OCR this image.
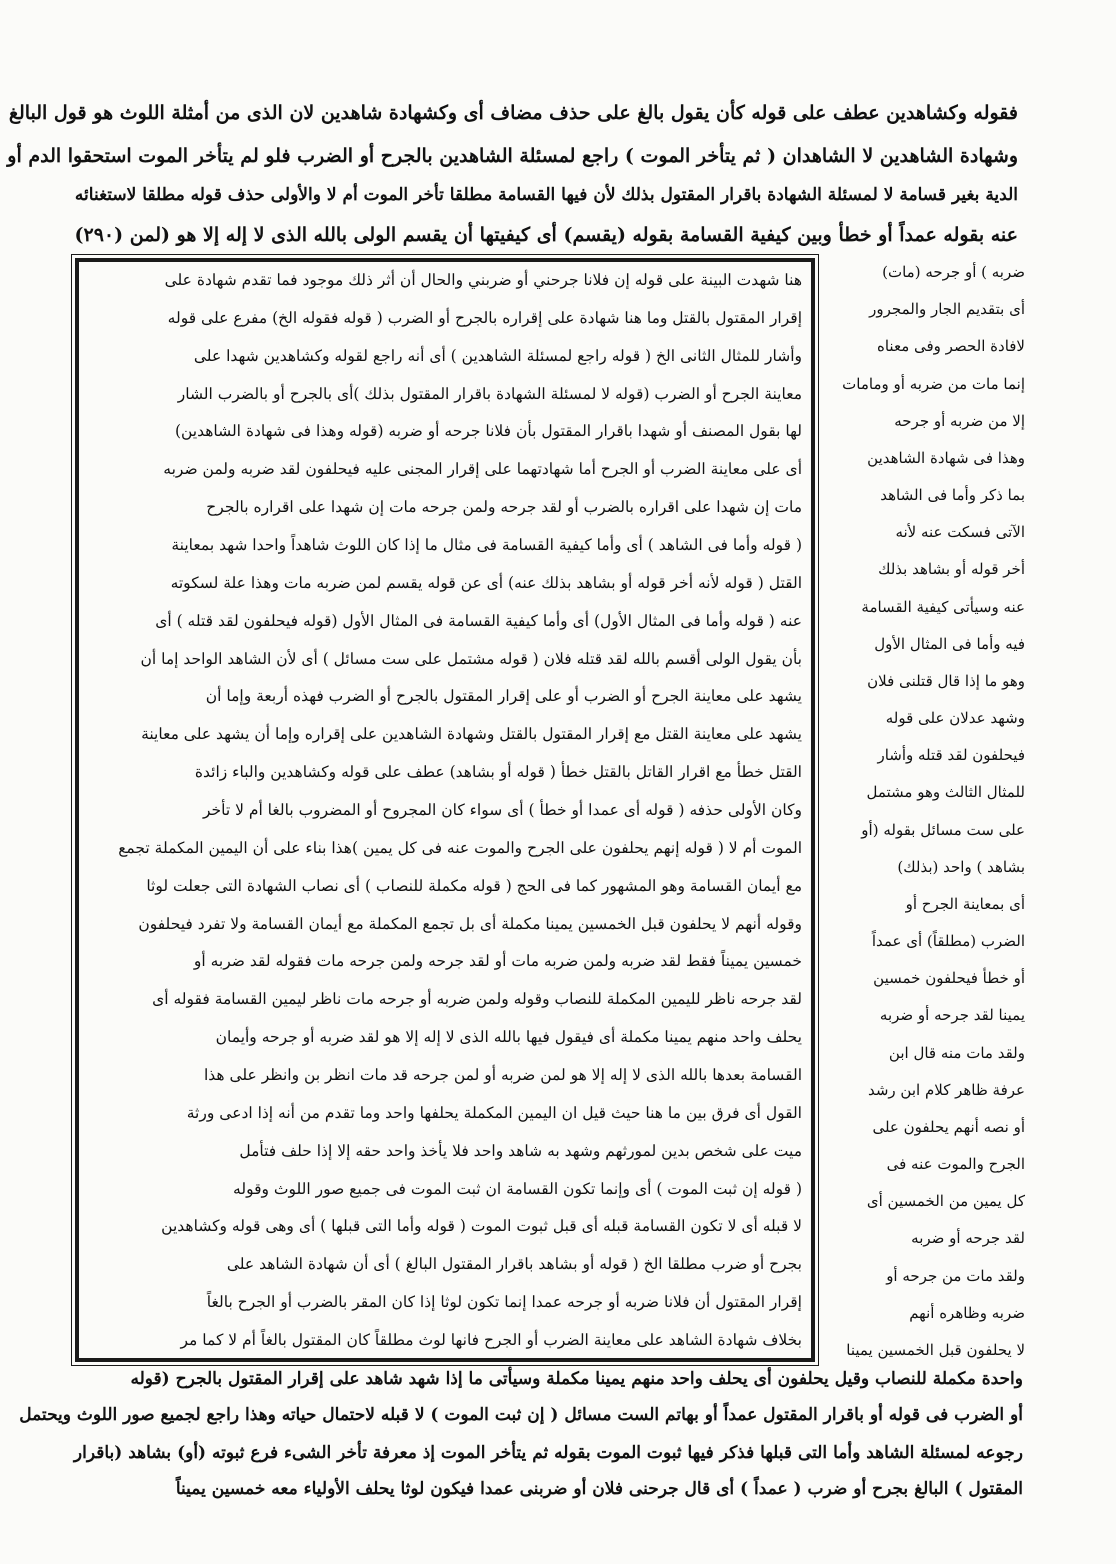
فقوله وكشاهدين عطف على قوله كأن يقول بالغ على حذف مضاف أى وكشهادة شاهدين لان الذى من أمثلة اللوث هو قول البالغ
وشهادة الشاهدين لا الشاهدان ( ثم يتأخر الموت ) راجع لمسئلة الشاهدين بالجرح أو الضرب فلو لم يتأخر الموت استحقوا الدم أو
الدية بغير قسامة لا لمسئلة الشهادة باقرار المقتول بذلك لأن فيها القسامة مطلقا تأخر الموت أم لا والأولى حذف قوله مطلقا لاستغنائه
عنه بقوله عمداً أو خطأ وبين كيفية القسامة بقوله (يقسم) أى كيفيتها أن يقسم الولى بالله الذى لا إله إلا هو (لمن (٢٩٠)
هنا شهدت البينة على قوله إن فلانا جرحني أو ضربني والحال أن أثر ذلك موجود فما تقدم شهادة على
إقرار المقتول بالقتل وما هنا شهادة على إقراره بالجرح أو الضرب ( قوله فقوله الخ) مفرع على قوله
وأشار للمثال الثانى الخ ( قوله راجع لمسئلة الشاهدين ) أى أنه راجع لقوله وكشاهدين شهدا على
معاينة الجرح أو الضرب (قوله لا لمسئلة الشهادة باقرار المقتول بذلك )أى بالجرح أو بالضرب الشار
لها بقول المصنف أو شهدا باقرار المقتول بأن فلانا جرحه أو ضربه (قوله وهذا فى شهادة الشاهدين)
أى على معاينة الضرب أو الجرح أما شهادتهما على إقرار المجنى عليه فيحلفون لقد ضربه ولمن ضربه
مات إن شهدا على اقراره بالضرب أو لقد جرحه ولمن جرحه مات إن شهدا على اقراره بالجرح
( قوله وأما فى الشاهد ) أى وأما كيفية القسامة فى مثال ما إذا كان اللوث شاهداً واحدا شهد بمعاينة
القتل ( قوله لأنه أخر قوله أو بشاهد بذلك عنه) أى عن قوله يقسم لمن ضربه مات وهذا علة لسكوته
عنه ( قوله وأما فى المثال الأول) أى وأما كيفية القسامة فى المثال الأول (قوله فيحلفون لقد قتله ) أى
بأن يقول الولى أقسم بالله لقد قتله فلان ( قوله مشتمل على ست مسائل ) أى لأن الشاهد الواحد إما أن
يشهد على معاينة الجرح أو الضرب أو على إقرار المقتول بالجرح أو الضرب فهذه أربعة وإما أن
يشهد على معاينة القتل مع إقرار المقتول بالقتل وشهادة الشاهدين على إقراره وإما أن يشهد على معاينة
القتل خطأ مع اقرار القاتل بالقتل خطأ ( قوله أو بشاهد) عطف على قوله وكشاهدين والباء زائدة
وكان الأولى حذفه ( قوله أى عمدا أو خطأ ) أى سواء كان المجروح أو المضروب بالغا أم لا تأخر
الموت أم لا ( قوله إنهم يحلفون على الجرح والموت عنه فى كل يمين )هذا بناء على أن اليمين المكملة تجمع
مع أيمان القسامة وهو المشهور كما فى الحج ( قوله مكملة للنصاب ) أى نصاب الشهادة التى جعلت لوثا
وقوله أنهم لا يحلفون قبل الخمسين يمينا مكملة أى بل تجمع المكملة مع أيمان القسامة ولا تفرد فيحلفون
خمسين يميناً فقط لقد ضربه ولمن ضربه مات أو لقد جرحه ولمن جرحه مات فقوله لقد ضربه أو
لقد جرحه ناظر لليمين المكملة للنصاب وقوله ولمن ضربه أو جرحه مات ناظر ليمين القسامة فقوله أى
يحلف واحد منهم يمينا مكملة أى فيقول فيها بالله الذى لا إله إلا هو لقد ضربه أو جرحه وأيمان
القسامة بعدها بالله الذى لا إله إلا هو لمن ضربه أو لمن جرحه قد مات انظر بن وانظر على هذا
القول أى فرق بين ما هنا حيث قيل ان اليمين المكملة يحلفها واحد وما تقدم من أنه إذا ادعى ورثة
ميت على شخص بدين لمورثهم وشهد به شاهد واحد فلا يأخذ واحد حقه إلا إذا حلف فتأمل
( قوله إن ثبت الموت ) أى وإنما تكون القسامة ان ثبت الموت فى جميع صور اللوث وقوله
لا قبله أى لا تكون القسامة قبله أى قبل ثبوت الموت ( قوله وأما التى قبلها ) أى وهى قوله وكشاهدين
بجرح أو ضرب مطلقا الخ ( قوله أو بشاهد باقرار المقتول البالغ ) أى أن شهادة الشاهد على
إقرار المقتول أن فلانا ضربه أو جرحه عمدا إنما تكون لوثا إذا كان المقر بالضرب أو الجرح بالغاً
بخلاف شهادة الشاهد على معاينة الضرب أو الجرح فانها لوث مطلقاً كان المقتول بالغاً أم لا كما مر
ضربه ) أو جرحه (مات)
أى بتقديم الجار والمجرور
لافادة الحصر وفى معناه
إنما مات من ضربه أو ومامات
إلا من ضربه أو جرحه
وهذا فى شهادة الشاهدين
بما ذكر وأما فى الشاهد
الآتى فسكت عنه لأنه
أخر قوله أو بشاهد بذلك
عنه وسيأتى كيفية القسامة
فيه وأما فى المثال الأول
وهو ما إذا قال قتلنى فلان
وشهد عدلان على قوله
فيحلفون لقد قتله وأشار
للمثال الثالث وهو مشتمل
على ست مسائل بقوله (أو
بشاهد ) واحد (بذلك)
أى بمعاينة الجرح أو
الضرب (مطلقاً) أى عمداً
أو خطأ فيحلفون خمسين
يمينا لقد جرحه أو ضربه
ولقد مات منه قال ابن
عرفة ظاهر كلام ابن رشد
أو نصه أنهم يحلفون على
الجرح والموت عنه فى
كل يمين من الخمسين أى
لقد جرحه أو ضربه
ولقد مات من جرحه أو
ضربه وظاهره أنهم
لا يحلفون قبل الخمسين يمينا
واحدة مكملة للنصاب وقيل يحلفون أى يحلف واحد منهم يمينا مكملة وسيأتى ما إذا شهد شاهد على إقرار المقتول بالجرح (قوله
أو الضرب فى قوله أو باقرار المقتول عمداً أو بهاتم الست مسائل ( إن ثبت الموت ) لا قبله لاحتمال حياته وهذا راجع لجميع صور اللوث ويحتمل
رجوعه لمسئلة الشاهد وأما التى قبلها فذكر فيها ثبوت الموت بقوله ثم يتأخر الموت إذ معرفة تأخر الشىء فرع ثبوته (أو) بشاهد (باقرار
المقتول ) البالغ بجرح أو ضرب ( عمداً ) أى قال جرحنى فلان أو ضربنى عمدا فيكون لوثا يحلف الأولياء معه خمسين يميناً
